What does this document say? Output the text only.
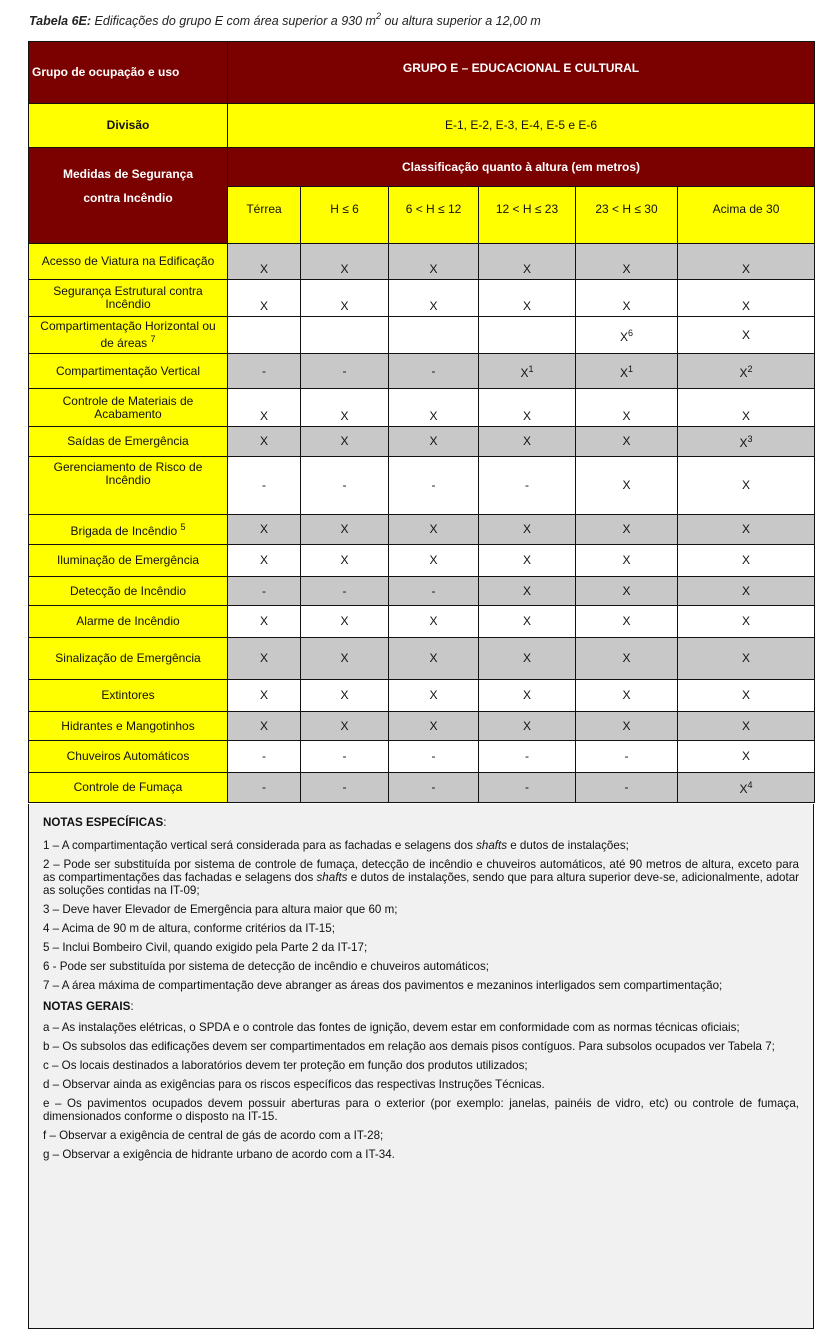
Tabela 6E: Edificações do grupo E com área superior a 930 $m^2$ ou altura superior a 12,00 m
Grupo de ocupação e uso	GRUPO E – EDUCACIONAL E CULTURAL					
Divisão	E-1, E-2, E-3, E-4, E-5 e E-6					
Medidas de Segurança contra Incêndio	Classificação quanto à altura (em metros)					
	Térrea	H ≤ 6	6 < H ≤ 12	12 < H ≤ 23	23 < H ≤ 30	Acima de 30
Acesso de Viatura na Edificação	X	X	X	X	X	X
Segurança Estrutural contra Incêndio	X	X	X	X	X	X
Compartimentação Horizontal ou de áreas $^7$					$X^6$	X
Compartimentação Vertical	-	-	-	$X^1$	$X^1$	$X^2$
Controle de Materiais de Acabamento	X	X	X	X	X	X
Saídas de Emergência	X	X	X	X	X	$X^3$
Gerenciamento de Risco de Incêndio	-	-	-	-	X	X
Brigada de Incêndio $^5$	X	X	X	X	X	X
Iluminação de Emergência	X	X	X	X	X	X
Detecção de Incêndio	-	-	-	X	X	X
Alarme de Incêndio	X	X	X	X	X	X
Sinalização de Emergência	X	X	X	X	X	X
Extintores	X	X	X	X	X	X
Hidrantes e Mangotinhos	X	X	X	X	X	X
Chuveiros Automáticos	-	-	-	-	-	X
Controle de Fumaça	-	-	-	-	-	$X^4$
NOTAS ESPECÍFICAS:

1 – A compartimentação vertical será considerada para as fachadas e selagens dos shafts e dutos de instalações;

2 – Pode ser substituída por sistema de controle de fumaça, detecção de incêndio e chuveiros automáticos, até 90 metros de altura, exceto para as compartimentações das fachadas e selagens dos shafts e dutos de instalações, sendo que para altura superior deve-se, adicionalmente, adotar as soluções contidas na IT-09;

3 – Deve haver Elevador de Emergência para altura maior que 60 m;

4 – Acima de 90 m de altura, conforme critérios da IT-15;

5 – Inclui Bombeiro Civil, quando exigido pela Parte 2 da IT-17;

6 - Pode ser substituída por sistema de detecção de incêndio e chuveiros automáticos;

7 – A área máxima de compartimentação deve abranger as áreas dos pavimentos e mezaninos interligados sem compartimentação;

NOTAS GERAIS:

a – As instalações elétricas, o SPDA e o controle das fontes de ignição, devem estar em conformidade com as normas técnicas oficiais;

b – Os subsolos das edificações devem ser compartimentados em relação aos demais pisos contíguos. Para subsolos ocupados ver Tabela 7;

c – Os locais destinados a laboratórios devem ter proteção em função dos produtos utilizados;

d – Observar ainda as exigências para os riscos específicos das respectivas Instruções Técnicas.

e – Os pavimentos ocupados devem possuir aberturas para o exterior (por exemplo: janelas, painéis de vidro, etc) ou controle de fumaça, dimensionados conforme o disposto na IT-15.

f – Observar a exigência de central de gás de acordo com a IT-28;

g – Observar a exigência de hidrante urbano de acordo com a IT-34.
